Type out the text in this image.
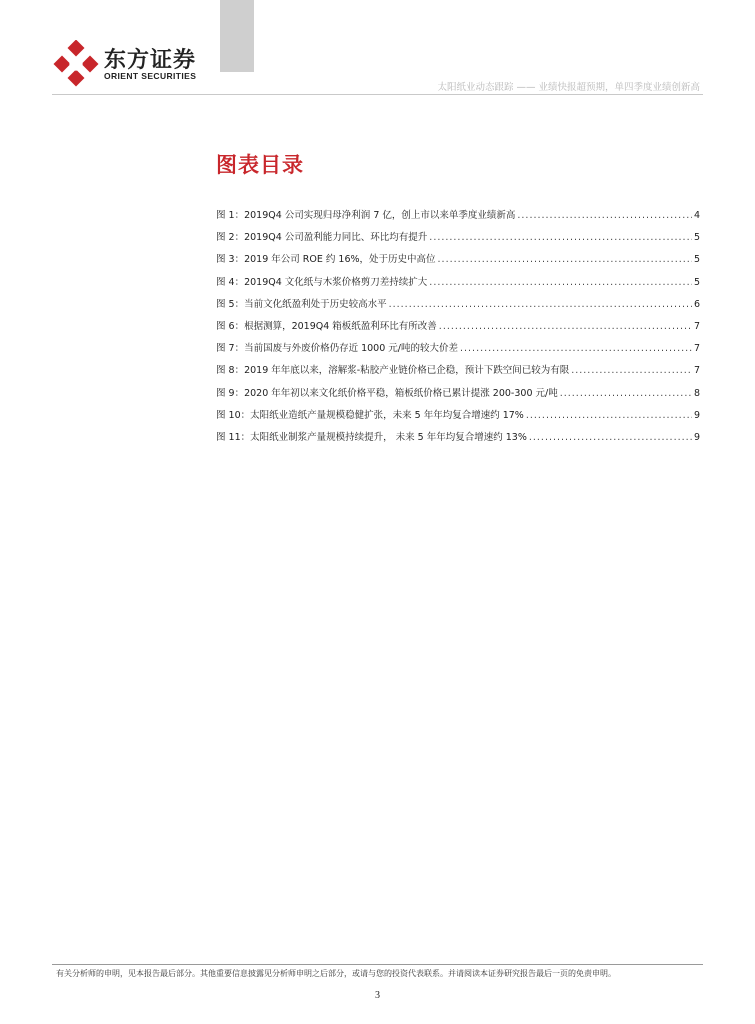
东方证券
ORIENT SECURITIES
太阳纸业动态跟踪 —— 业绩快报超预期，单四季度业绩创新高
图表目录
图 1： 2019Q4 公司实现归母净利润 7 亿，创上市以来单季度业绩新高 .....	4
图 2： 2019Q4 公司盈利能力同比、环比均有提升 .....	5
图 3： 2019 年公司 ROE 约 16%，处于历史中高位 .....	5
图 4： 2019Q4 文化纸与木浆价格剪刀差持续扩大 .....	5
图 5： 当前文化纸盈利处于历史较高水平 .....	6
图 6： 根据测算，2019Q4 箱板纸盈利环比有所改善 .....	7
图 7： 当前国废与外废价格仍存近 1000 元/吨的较大价差 .....	7
图 8： 2019 年年底以来，溶解浆-粘胶产业链价格已企稳，预计下跌空间已较为有限 .....	7
图 9： 2020 年年初以来文化纸价格平稳，箱板纸价格已累计提涨 200-300 元/吨 .....	8
图 10： 太阳纸业造纸产量规模稳健扩张，未来 5 年年均复合增速约 17% .....	9
图 11： 太阳纸业制浆产量规模持续提升， 未来 5 年年均复合增速约 13% .....	9
有关分析师的申明，见本报告最后部分。其他重要信息披露见分析师申明之后部分，或请与您的投资代表联系。并请阅读本证券研究报告最后一页的免责申明。
3
